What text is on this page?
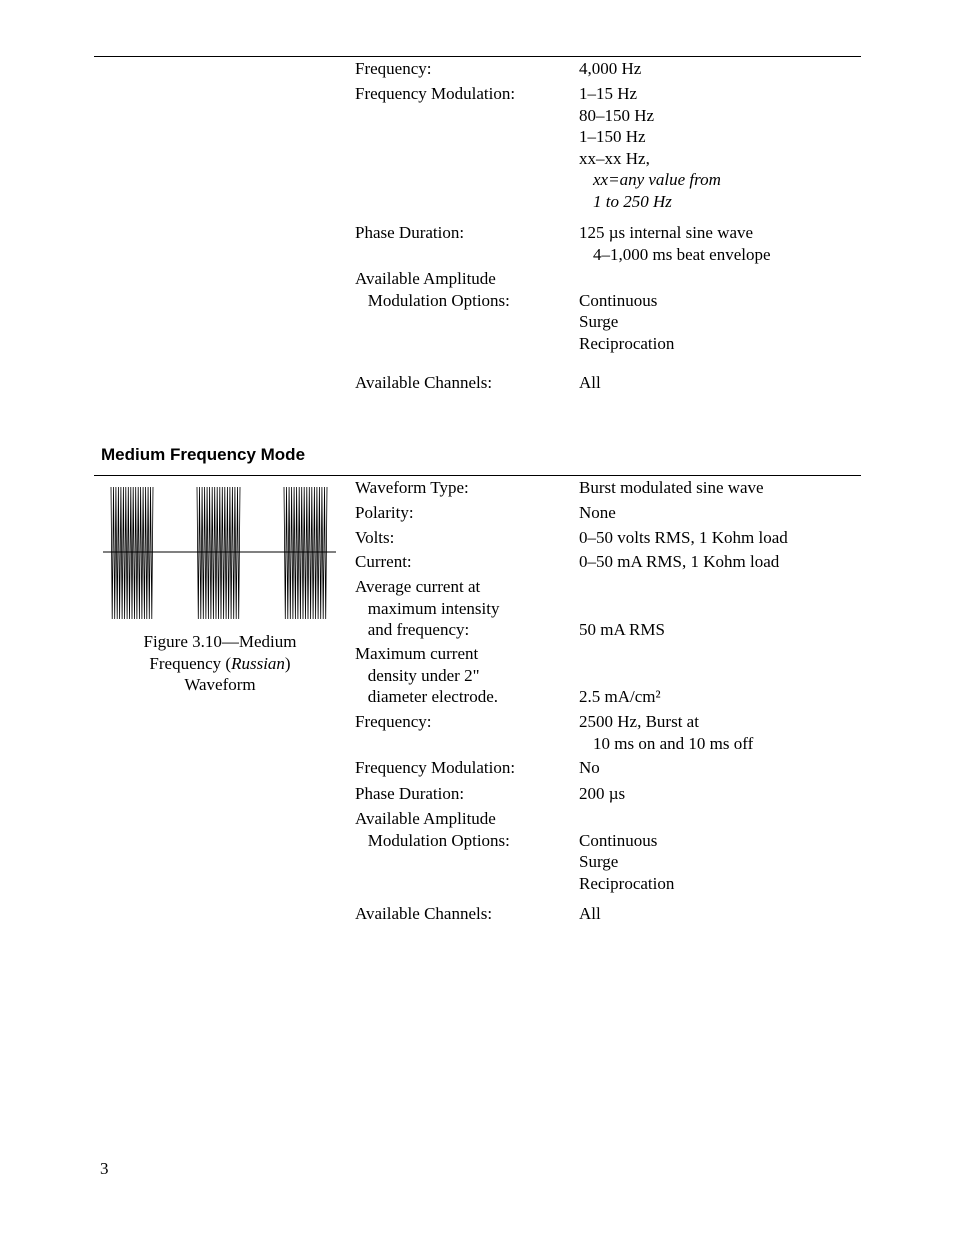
Frequency:	4,000 Hz
Frequency Modulation:	1–15 Hz
80–150 Hz
1–150 Hz
xx–xx Hz,
xx=any value from
1 to 250 Hz
Phase Duration:	125 µs internal sine wave
4–1,000 ms beat envelope
Available Amplitude
Modulation Options:	Continuous
Surge
Reciprocation
Available Channels:	All
Medium Frequency Mode
Figure 3.10—Medium
Frequency (Russian)
Waveform
Waveform Type:	Burst modulated sine wave
Polarity:	None
Volts:	0–50 volts RMS, 1 Kohm load
Current:	0–50 mA RMS, 1 Kohm load
Average current at
maximum intensity
and frequency:	50 mA RMS
Maximum current
density under 2"
diameter electrode.	2.5 mA/cm²
Frequency:	2500 Hz, Burst at
10 ms on and 10 ms off
Frequency Modulation:	No
Phase Duration:	200 µs
Available Amplitude
Modulation Options:	Continuous
Surge
Reciprocation
Available Channels:	All
3
